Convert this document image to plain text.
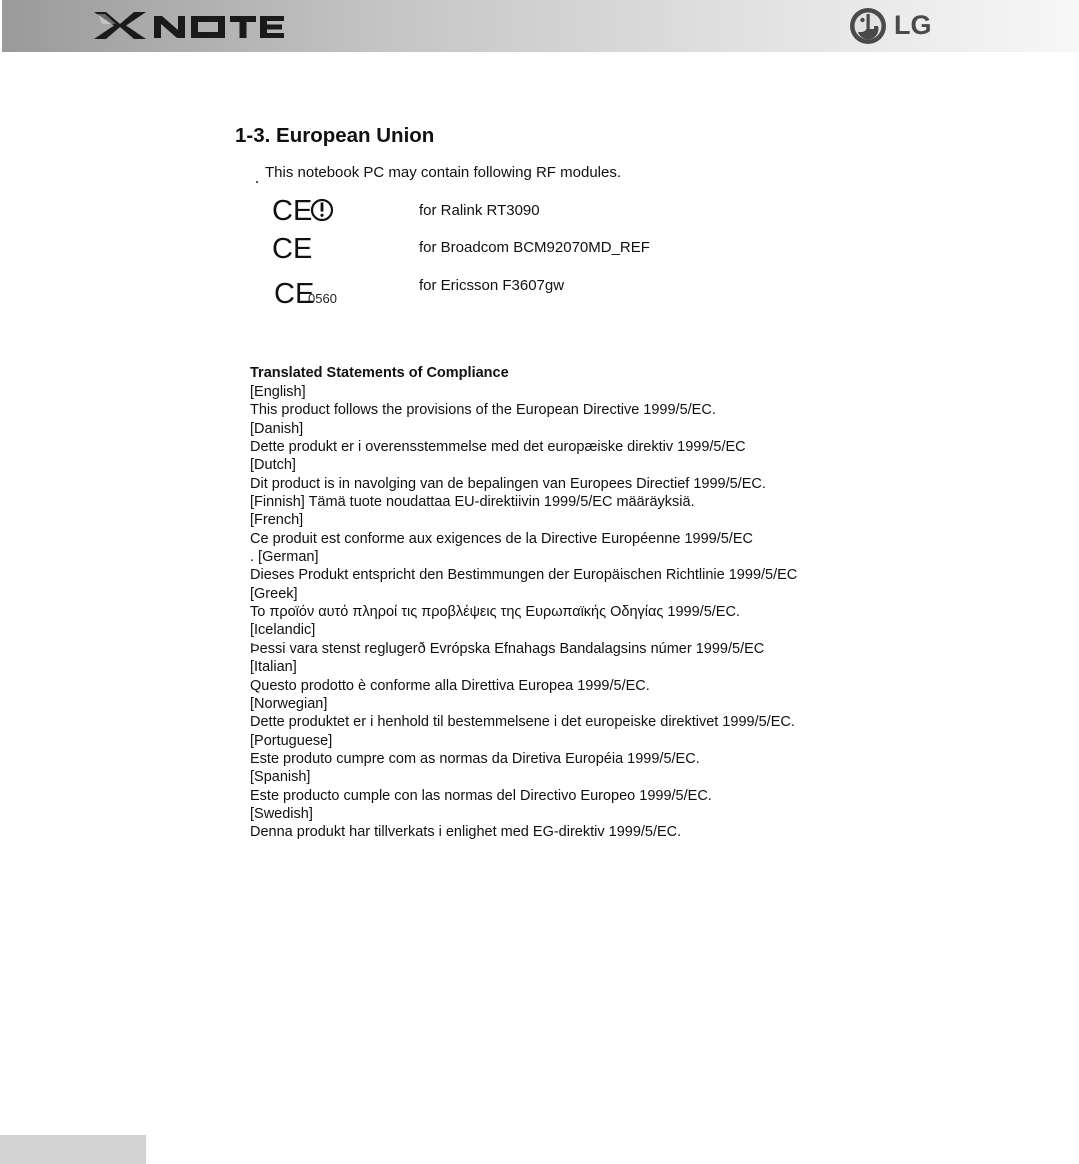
LG
1-3. European Union
This notebook PC may contain following RF modules.
CE	for Ralink RT3090
CE	for Broadcom BCM92070MD_REF
CE
0560
for Ericsson F3607gw
Translated Statements of Compliance
[English]
This product follows the provisions of the European Directive 1999/5/EC.
[Danish]
Dette produkt er i overensstemmelse med det europæiske direktiv 1999/5/EC
[Dutch]
Dit product is in navolging van de bepalingen van Europees Directief 1999/5/EC.
[Finnish] Tämä tuote noudattaa EU-direktiivin 1999/5/EC määräyksiä.
[French]
Ce produit est conforme aux exigences de la Directive Européenne 1999/5/EC
. [German]
Dieses Produkt entspricht den Bestimmungen der Europäischen Richtlinie 1999/5/EC
[Greek]
Το προϊόν αυτό πληροί τις προβλέψεις της Ευρωπαϊκής Οδηγίας 1999/5/EC.
[Icelandic]
Þessi vara stenst reglugerð Evrópska Efnahags Bandalagsins númer 1999/5/EC
[Italian]
Questo prodotto è conforme alla Direttiva Europea 1999/5/EC.
[Norwegian]
Dette produktet er i henhold til bestemmelsene i det europeiske direktivet 1999/5/EC.
[Portuguese]
Este produto cumpre com as normas da Diretiva Européia 1999/5/EC.
[Spanish]
Este producto cumple con las normas del Directivo Europeo 1999/5/EC.
[Swedish]
Denna produkt har tillverkats i enlighet med EG-direktiv 1999/5/EC.
